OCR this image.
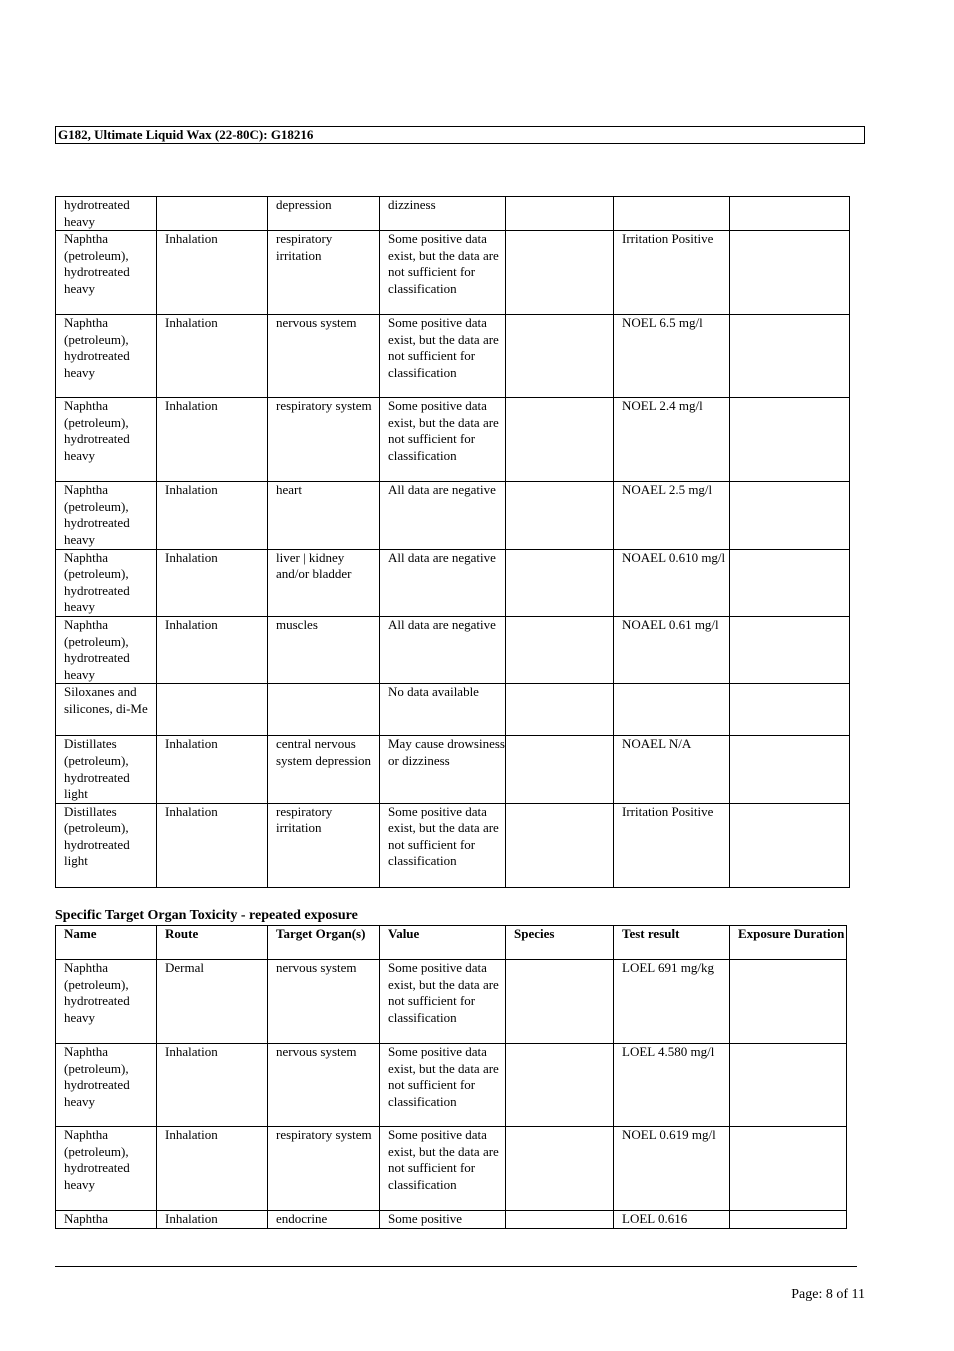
G182, Ultimate Liquid Wax (22-80C): G18216
hydrotreated heavy		depression	dizziness			
Naphtha (petroleum), hydrotreated heavy	Inhalation	respiratory irritation	Some positive data exist, but the data are not sufficient for classification		Irritation Positive	
Naphtha (petroleum), hydrotreated heavy	Inhalation	nervous system	Some positive data exist, but the data are not sufficient for classification		NOEL 6.5 mg/l	
Naphtha (petroleum), hydrotreated heavy	Inhalation	respiratory system	Some positive data exist, but the data are not sufficient for classification		NOEL 2.4 mg/l	
Naphtha (petroleum), hydrotreated heavy	Inhalation	heart	All data are negative		NOAEL 2.5 mg/l	
Naphtha (petroleum), hydrotreated heavy	Inhalation	liver | kidney and/or bladder	All data are negative		NOAEL 0.610 mg/l	
Naphtha (petroleum), hydrotreated heavy	Inhalation	muscles	All data are negative		NOAEL 0.61 mg/l	
Siloxanes and silicones, di-Me			No data available			
Distillates (petroleum), hydrotreated light	Inhalation	central nervous system depression	May cause drowsiness or dizziness		NOAEL N/A	
Distillates (petroleum), hydrotreated light	Inhalation	respiratory irritation	Some positive data exist, but the data are not sufficient for classification		Irritation Positive	
Specific Target Organ Toxicity - repeated exposure
Name	Route	Target Organ(s)	Value	Species	Test result	Exposure Duration
Naphtha (petroleum), hydrotreated heavy	Dermal	nervous system	Some positive data exist, but the data are not sufficient for classification		LOEL 691 mg/kg	
Naphtha (petroleum), hydrotreated heavy	Inhalation	nervous system	Some positive data exist, but the data are not sufficient for classification		LOEL 4.580 mg/l	
Naphtha (petroleum), hydrotreated heavy	Inhalation	respiratory system	Some positive data exist, but the data are not sufficient for classification		NOEL 0.619 mg/l	
Naphtha	Inhalation	endocrine	Some positive		LOEL 0.616	
Page: 8 of 11
